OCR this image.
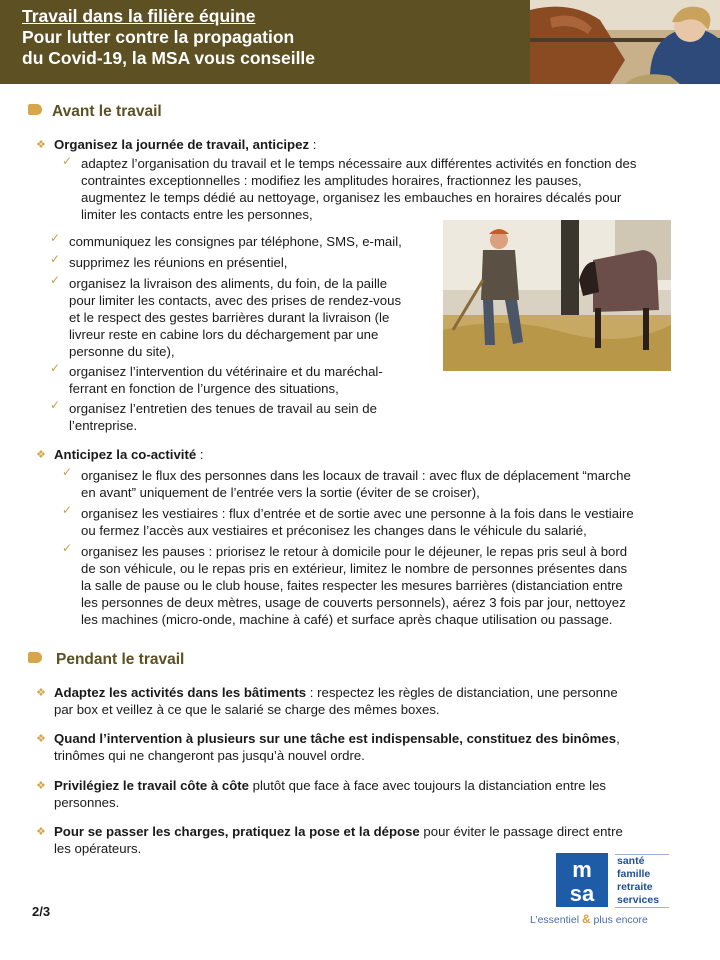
Travail dans la filière équine
Pour lutter contre la propagation
du Covid-19, la MSA vous conseille
Avant le travail
❖ Organisez la journée de travail, anticipez :
✓ adaptez l’organisation du travail et le temps nécessaire aux différentes activités en fonction des
contraintes exceptionnelles : modifiez les amplitudes horaires, fractionnez les pauses,
augmentez le temps dédié au nettoyage, organisez les embauches en horaires décalés pour
limiter les contacts entre les personnes,
✓ communiquez les consignes par téléphone, SMS, e-mail,
✓ supprimez les réunions en présentiel,
✓ organisez la livraison des aliments, du foin, de la paille
pour limiter les contacts, avec des prises de rendez-vous
et le respect des gestes barrières durant la livraison (le
livreur reste en cabine lors du déchargement par une
personne du site),
✓ organisez l’intervention du vétérinaire et du maréchal-
ferrant en fonction de l’urgence des situations,
✓ organisez l’entretien des tenues de travail au sein de
l’entreprise.
❖ Anticipez la co-activité :
✓ organisez le flux des personnes dans les locaux de travail : avec flux de déplacement “marche
en avant” uniquement de l’entrée vers la sortie (éviter de se croiser),
✓ organisez les vestiaires : flux d’entrée et de sortie avec une personne à la fois dans le vestiaire
ou fermez l’accès aux vestiaires et préconisez les changes dans le véhicule du salarié,
✓ organisez les pauses : priorisez le retour à domicile pour le déjeuner, le repas pris seul à bord
de son véhicule, ou le repas pris en extérieur, limitez le nombre de personnes présentes dans
la salle de pause ou le club house, faites respecter les mesures barrières (distanciation entre
les personnes de deux mètres, usage de couverts personnels), aérez 3 fois par jour, nettoyez
les machines (micro-onde, machine à café) et surface après chaque utilisation ou passage.
Pendant le travail
❖ Adaptez les activités dans les bâtiments : respectez les règles de distanciation, une personne
par box et veillez à ce que le salarié se charge des mêmes boxes.
❖ Quand l’intervention à plusieurs sur une tâche est indispensable, constituez des binômes,
trinômes qui ne changeront pas jusqu’à nouvel ordre.
❖ Privilégiez le travail côte à côte plutôt que face à face avec toujours la distanciation entre les
personnes.
❖ Pour se passer les charges, pratiquez la pose et la dépose pour éviter le passage direct entre
les opérateurs.
2/3
m
sa
santé
famille
retraite
services
L’essentiel & plus encore
